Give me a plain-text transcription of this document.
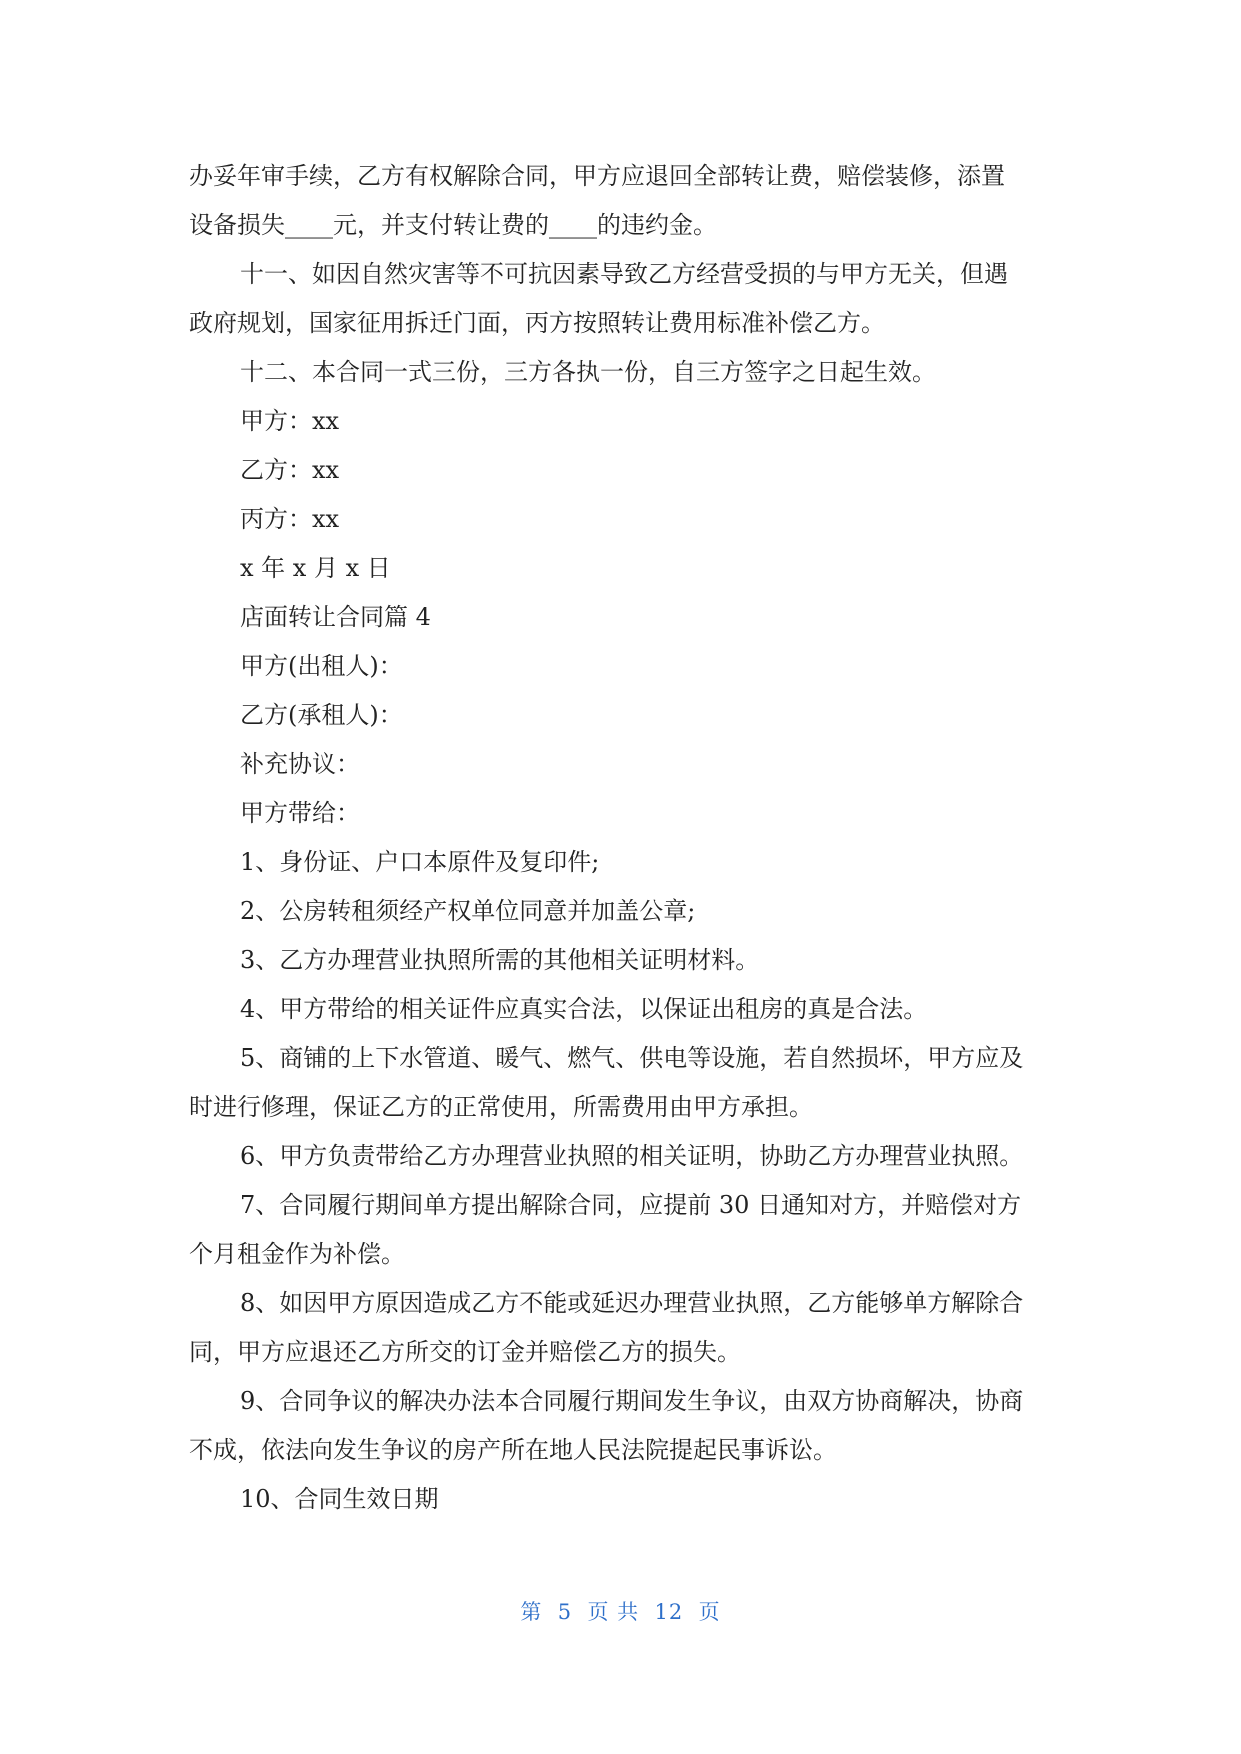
办妥年审手续，乙方有权解除合同，甲方应退回全部转让费，赔偿装修，添置
设备损失____元，并支付转让费的____的违约金。
十一、如因自然灾害等不可抗因素导致乙方经营受损的与甲方无关，但遇
政府规划，国家征用拆迁门面，丙方按照转让费用标准补偿乙方。
十二、本合同一式三份，三方各执一份，自三方签字之日起生效。
甲方：xx
乙方：xx
丙方：xx
x 年 x 月 x 日
店面转让合同篇 4
甲方(出租人)：
乙方(承租人)：
补充协议：
甲方带给：
1、身份证、户口本原件及复印件;
2、公房转租须经产权单位同意并加盖公章;
3、乙方办理营业执照所需的其他相关证明材料。
4、甲方带给的相关证件应真实合法，以保证出租房的真是合法。
5、商铺的上下水管道、暖气、燃气、供电等设施，若自然损坏，甲方应及
时进行修理，保证乙方的正常使用，所需费用由甲方承担。
6、甲方负责带给乙方办理营业执照的相关证明，协助乙方办理营业执照。
7、合同履行期间单方提出解除合同，应提前 30 日通知对方，并赔偿对方
个月租金作为补偿。
8、如因甲方原因造成乙方不能或延迟办理营业执照，乙方能够单方解除合
同，甲方应退还乙方所交的订金并赔偿乙方的损失。
9、合同争议的解决办法本合同履行期间发生争议，由双方协商解决，协商
不成，依法向发生争议的房产所在地人民法院提起民事诉讼。
10、合同生效日期
第  5  页 共  12  页
